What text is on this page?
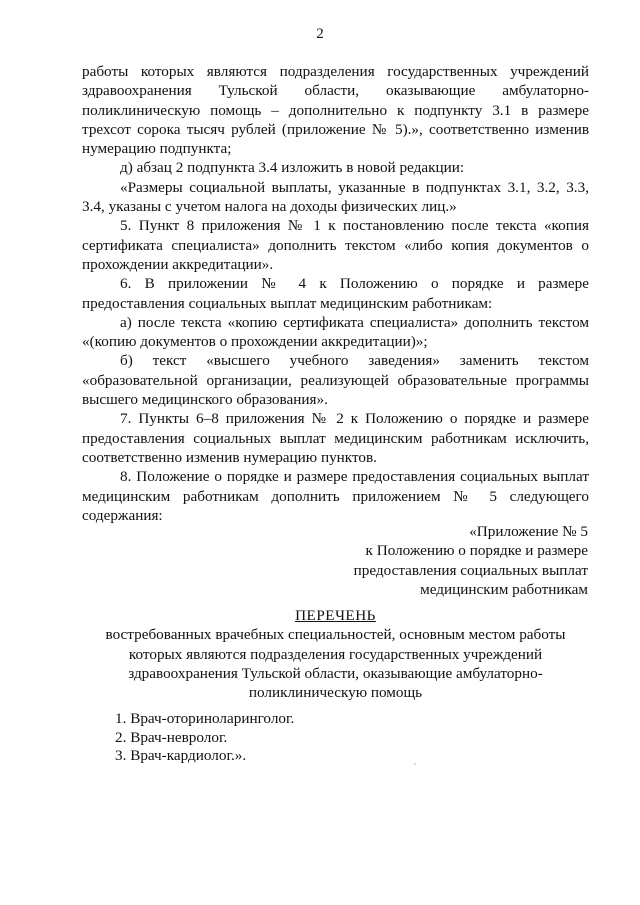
2

работы которых являются подразделения государственных учреждений здравоохранения Тульской области, оказывающие амбулаторно-поликлиническую помощь – дополнительно к подпункту 3.1 в размере трехсот сорока тысяч рублей (приложение № 5).», соответственно изменив нумерацию подпункта;

д) абзац 2 подпункта 3.4 изложить в новой редакции:

«Размеры социальной выплаты, указанные в подпунктах 3.1, 3.2, 3.3, 3.4, указаны с учетом налога на доходы физических лиц.»

5. Пункт 8 приложения № 1 к постановлению после текста «копия сертификата специалиста» дополнить текстом «либо копия документов о прохождении аккредитации».

6. В приложении № 4 к Положению о порядке и размере предоставления социальных выплат медицинским работникам:

а) после текста «копию сертификата специалиста» дополнить текстом «(копию документов о прохождении аккредитации)»;

б) текст «высшего учебного заведения» заменить текстом «образовательной организации, реализующей образовательные программы высшего медицинского образования».

7. Пункты 6–8 приложения № 2 к Положению о порядке и размере предоставления социальных выплат медицинским работникам исключить, соответственно изменив нумерацию пунктов.

8. Положение о порядке и размере предоставления социальных выплат медицинским работникам дополнить приложением № 5 следующего содержания:

«Приложение № 5

к Положению о порядке и размере

предоставления социальных выплат

медицинским работникам

ПЕРЕЧЕНЬ

востребованных врачебных специальностей, основным местом работы которых являются подразделения государственных учреждений здравоохранения Тульской области, оказывающие амбулаторно-поликлиническую помощь

1. Врач-оториноларинголог.

2. Врач-невролог.

3. Врач-кардиолог.».
